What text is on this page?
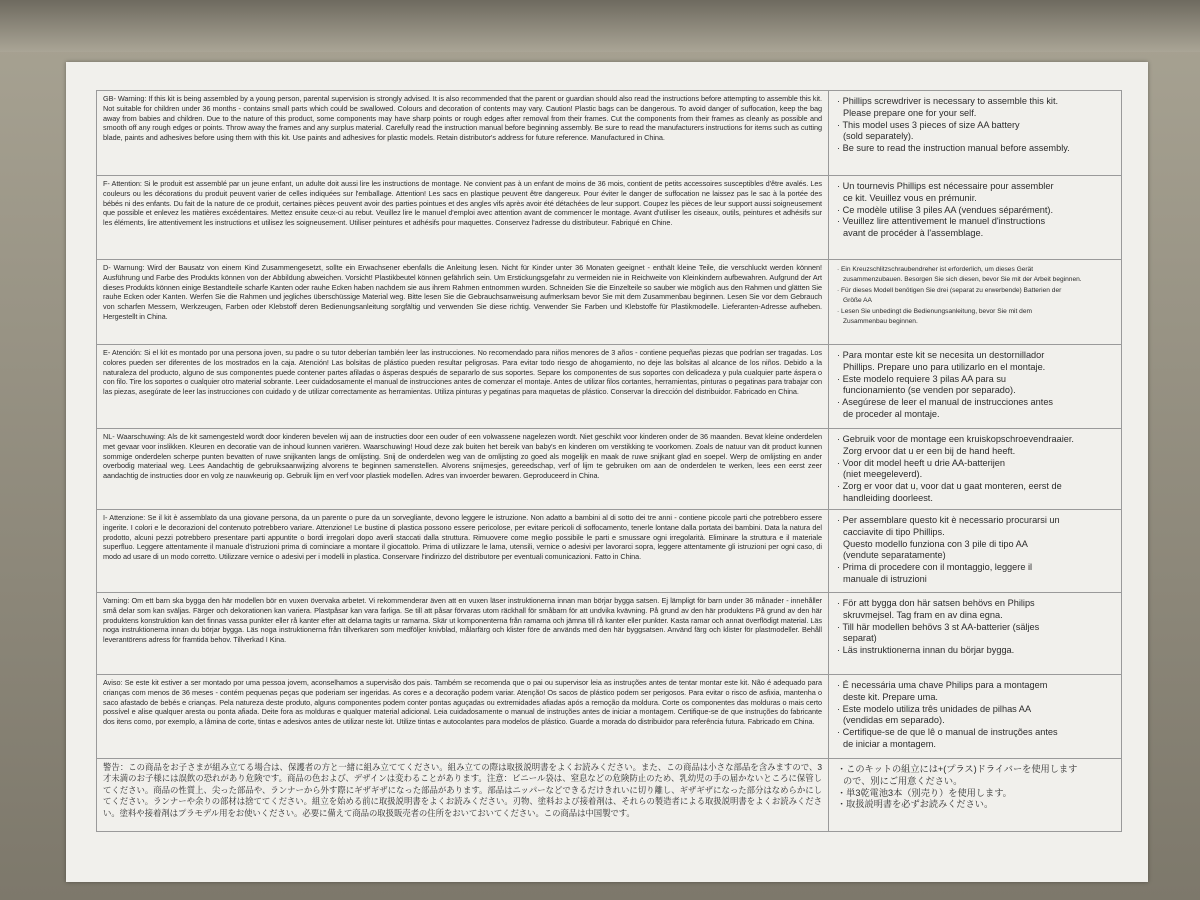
GB- Warning: If this kit is being assembled by a young person, parental supervision is strongly advised. It is also recommended that the parent or guardian should also read the instructions before attempting to assemble this kit. Not suitable for children under 36 months - contains small parts which could be swallowed. Colours and decoration of contents may vary. Caution! Plastic bags can be dangerous. To avoid danger of suffocation, keep the bag away from babies and children. Due to the nature of this product, some components may have sharp points or rough edges after removal from their frames. Cut the components from their frames as cleanly as possible and smooth off any rough edges or points. Throw away the frames and any surplus material. Carefully read the instruction manual before beginning assembly. Be sure to read the manufacturers instructions for items such as cutting blade, paints and adhesives before using them with this kit. Use paints and adhesives for plastic models. Retain distributor's address for future reference. Manufactured in China.
F- Attention: Si le produit est assemblé par un jeune enfant, un adulte doit aussi lire les instructions de montage. Ne convient pas à un enfant de moins de 36 mois, contient de petits accessoires susceptibles d'être avalés. Les couleurs ou les décorations du produit peuvent varier de celles indiquées sur l'emballage. Attention! Les sacs en plastique peuvent être dangereux. Pour éviter le danger de suffocation ne laissez pas le sac à la portée des bébés ni des enfants. Du fait de la nature de ce produit, certaines pièces peuvent avoir des parties pointues et des angles vifs après avoir été détachées de leur support. Coupez les pièces de leur support aussi soigneusement que possible et enlevez les matières excédentaires. Mettez ensuite ceux-ci au rebut. Veuillez lire le manuel d'emploi avec attention avant de commencer le montage. Avant d'utiliser les ciseaux, outils, peintures et adhésifs sur les éléments, lire attentivement les instructions et utilisez les soigneusement. Utiliser peintures et adhésifs pour maquettes. Conservez l'adresse du distributeur. Fabriqué en Chine.
D- Warnung: Wird der Bausatz von einem Kind Zusammengesetzt, sollte ein Erwachsener ebenfalls die Anleitung lesen. Nicht für Kinder unter 36 Monaten geeignet - enthält kleine Teile, die verschluckt werden können! Ausführung und Farbe des Produkts können von der Abbildung abweichen. Vorsicht! Plastikbeutel können gefährlich sein. Um Erstickungsgefahr zu vermeiden nie in Reichweite von Kleinkindern aufbewahren. Aufgrund der Art dieses Produkts können einige Bestandteile scharfe Kanten oder rauhe Ecken haben nachdem sie aus ihrem Rahmen entnommen wurden. Schneiden Sie die Einzelteile so sauber wie möglich aus den Rahmen und glätten Sie rauhe Ecken oder Kanten. Werfen Sie die Rahmen und jegliches überschüssige Material weg. Bitte lesen Sie die Gebrauchsanweisung aufmerksam bevor Sie mit dem Zusammenbau beginnen. Lesen Sie vor dem Gebrauch von scharfen Messern, Werkzeugen, Farben oder Klebstoff deren Bedienungsanleitung sorgfältig und verwenden Sie diese richtig. Verwender Sie Farben und Klebstoffe für Plastikmodelle. Lieferanten-Adresse aufheben. Hergestellt in China.
E- Atención: Si el kit es montado por una persona joven, su padre o su tutor deberían también leer las instrucciones. No recomendado para niños menores de 3 años - contiene pequeñas piezas que podrían ser tragadas. Los colores pueden ser diferentes de los mostrados en la caja. Atención! Las bolsitas de plástico pueden resultar peligrosas. Para evitar todo riesgo de ahogamiento, no deje las bolsitas al alcance de los niños. Debido a la naturaleza del producto, alguno de sus componentes puede contener partes afiladas o ásperas después de separarlo de sus soportes. Separe los componentes de sus soportes con delicadeza y pula cualquier parte áspera o con filo. Tire los soportes o cualquier otro material sobrante. Leer cuidadosamente el manual de instrucciones antes de comenzar el montaje. Antes de utilizar filos cortantes, herramientas, pinturas o pegatinas para trabajar con las piezas, asegúrate de leer las instrucciones con cuidado y de utilizar correctamente as herramientas. Utiliza pinturas y pegatinas para maquetas de plástico. Conservar la dirección del distribuidor. Fabricado en China.
NL- Waarschuwing: Als de kit samengesteld wordt door kinderen bevelen wij aan de instructies door een ouder of een volwassene nagelezen wordt. Niet geschikt voor kinderen onder de 36 maanden. Bevat kleine onderdelen met gevaar voor inslikken. Kleuren en decoratie van de inhoud kunnen variëren. Waarschuwing! Houd deze zak buiten het bereik van baby's en kinderen om verstikking te voorkomen. Zoals de natuur van dit product kunnen sommige onderdelen scherpe punten bevatten of ruwe snijkanten langs de omlijsting. Snij de onderdelen weg van de omlijsting zo goed als mogelijk en maak de ruwe snijkant glad en soepel. Werp de omlijsting en ander overbodig materiaal weg. Lees Aandachtig de gebruiksaanwijzing alvorens te beginnen samenstellen. Alvorens snijmesjes, gereedschap, verf of lijm te gebruiken om aan de onderdelen te werken, lees een eerst zeer aandachtig de instructies door en volg ze nauwkeurig op. Gebruik lijm en verf voor plastiek modellen. Adres van invoerder bewaren. Geproduceerd in China.
I- Attenzione: Se il kit è assemblato da una giovane persona, da un parente o pure da un sorvegliante, devono leggere le istruzione. Non adatto a bambini al di sotto dei tre anni - contiene piccole parti che potrebbero essere ingerite. I colori e le decorazioni del contenuto potrebbero variare. Attenzione! Le bustine di plastica possono essere pericolose, per evitare pericoli di soffocamento, tenerle lontane dalla portata dei bambini. Data la natura del prodotto, alcuni pezzi potrebbero presentare parti appuntite o bordi irregolari dopo averli staccati dalla struttura. Rimuovere come meglio possibile le parti e smussare ogni irregolarità. Eliminare la struttura e il materiale superfluo. Leggere attentamente il manuale d'istruzioni prima di cominciare a montare il giocattolo. Prima di utilizzare le lama, utensili, vernice o adesivi per lavorarci sopra, leggere attentamente gli istruzioni per ogni caso, di modo ad usare di un modo corretto. Utilizzare vernice o adesivi per i modelli in plastica. Conservare l'indirizzo del distributore per eventuali comunicazioni. Fatto in China.
Varning: Om ett barn ska bygga den här modellen bör en vuxen övervaka arbetet. Vi rekommenderar även att en vuxen läser instruktionerna innan man börjar bygga satsen. Ej lämpligt för barn under 36 månader - innehåller små delar som kan sväljas. Färger och dekorationen kan variera. Plastpåsar kan vara farliga. Se till att påsar förvaras utom räckhall för småbarn för att undvika kvävning. På grund av den här produktens På grund av den här produktens konstruktion kan det finnas vassa punkter eller rå kanter efter att delarna tagits ur ramarna. Skär ut komponenterna från ramarna och jämna till rå kanter eller punkter. Kasta ramar och annat överflödigt material. Läs noga instruktionerna innan du börjar bygga. Läs noga instruktionerna från tillverkaren som medföljer knivblad, målarfärg och klister före de används med den här byggsatsen. Använd färg och klister för plastmodeller. Behåll leverantörens adress för framtida behov. Tillverkad I Kina.
Aviso: Se este kit estiver a ser montado por uma pessoa jovem, aconselhamos a supervisão dos pais. Também se recomenda que o pai ou supervisor leia as instruções antes de tentar montar este kit. Não é adequado para crianças com menos de 36 meses - contém pequenas peças que poderiam ser ingeridas. As cores e a decoração podem variar. Atenção! Os sacos de plástico podem ser perigosos. Para evitar o risco de asfixia, mantenha o saco afastado de bebés e crianças. Pela natureza deste produto, alguns componentes podem conter pontas aguçadas ou extremidades afiadas após a remoção da moldura. Corte os componentes das molduras o mais certo possível e alise qualquer aresta ou ponta afiada. Deite fora as molduras e qualquer material adicional. Leia cuidadosamente o manual de instruções antes de iniciar a montagem. Certifique-se de que instruções do fabricante dos itens como, por exemplo, a lâmina de corte, tintas e adesivos antes de utilizar neste kit. Utilize tintas e autocolantes para modelos de plástico. Guarde a morada do distribuidor para referência futura. Fabricado em China.
警告：この商品をお子さまが組み立てる場合は、保護者の方と一緒に組み立ててください。組み立ての際は取扱説明書をよくお読みください。また、この商品は小さな部品を含みますので、3才未満のお子様には誤飲の恐れがあり危険です。商品の色および、デザインは変わることがあります。注意：ビニール袋は、窒息などの危険防止のため、乳幼児の手の届かないところに保管してください。商品の性質上、尖った部品や、ランナーから外す際にギザギザになった部品があります。部品はニッパーなどできるだけきれいに切り離し、ギザギザになった部分はなめらかにしてください。ランナーや余りの部材は捨ててください。組立を始める前に取扱説明書をよくお読みください。刃物、塗料および接着剤は、それらの製造者による取扱説明書をよくお読みください。塗料や接着剤はプラモデル用をお使いください。必要に備えて商品の取扱販売者の住所をおいておいてください。この商品は中国製です。
· Phillips screwdriver is necessary to assemble this kit.
Please prepare one for your self.
· This model uses 3 pieces of size AA battery
(sold separately).
· Be sure to read the instruction manual before assembly.
· Un tournevis Phillips est nécessaire pour assembler
ce kit. Veuillez vous en prémunir.
· Ce modèle utilise 3 piles AA (vendues séparément).
· Veuillez lire attentivement le manuel d'instructions
avant de procéder à l'assemblage.
· Ein Kreuzschlitzschraubendreher ist erforderlich, um dieses Gerät
zusammenzubauen. Besorgen Sie sich diesen, bevor Sie mit der Arbeit beginnen.
· Für dieses Modell benötigen Sie drei (separat zu erwerbende) Batterien der
Größe AA
· Lesen Sie unbedingt die Bedienungsanleitung, bevor Sie mit dem
Zusammenbau beginnen.
· Para montar este kit se necesita un destornillador
Phillips. Prepare uno para utilizarlo en el montaje.
· Este modelo requiere 3 pilas AA para su
funcionamiento (se venden por separado).
· Asegúrese de leer el manual de instrucciones antes
de proceder al montaje.
· Gebruik voor de montage een kruiskopschroevendraaier.
Zorg ervoor dat u er een bij de hand heeft.
· Voor dit model heeft u drie AA-batterijen
(niet meegeleverd).
· Zorg er voor dat u, voor dat u gaat monteren, eerst de
handleiding doorleest.
· Per assemblare questo kit è necessario procurarsi un
cacciavite di tipo Phillips.
Questo modello funziona con 3 pile di tipo AA
(vendute separatamente)
· Prima di procedere con il montaggio, leggere il
manuale di istruzioni
· För att bygga don här satsen behövs en Philips
skruvmejsel. Tag fram en av dina egna.
· Till här modellen behövs 3 st AA-batterier (säljes
separat)
· Läs instruktionerna innan du börjar bygga.
· É necessária uma chave Philips para a montagem
deste kit. Prepare uma.
· Este modelo utiliza três unidades de pilhas AA
(vendidas em separado).
· Certifique-se de que lê o manual de instruções antes
de iniciar a montagem.
・このキットの組立には+(プラス)ドライバーを使用します
ので、別にご用意ください。
・単3乾電池3本（別売り）を使用します。
・取扱説明書を必ずお読みください。
